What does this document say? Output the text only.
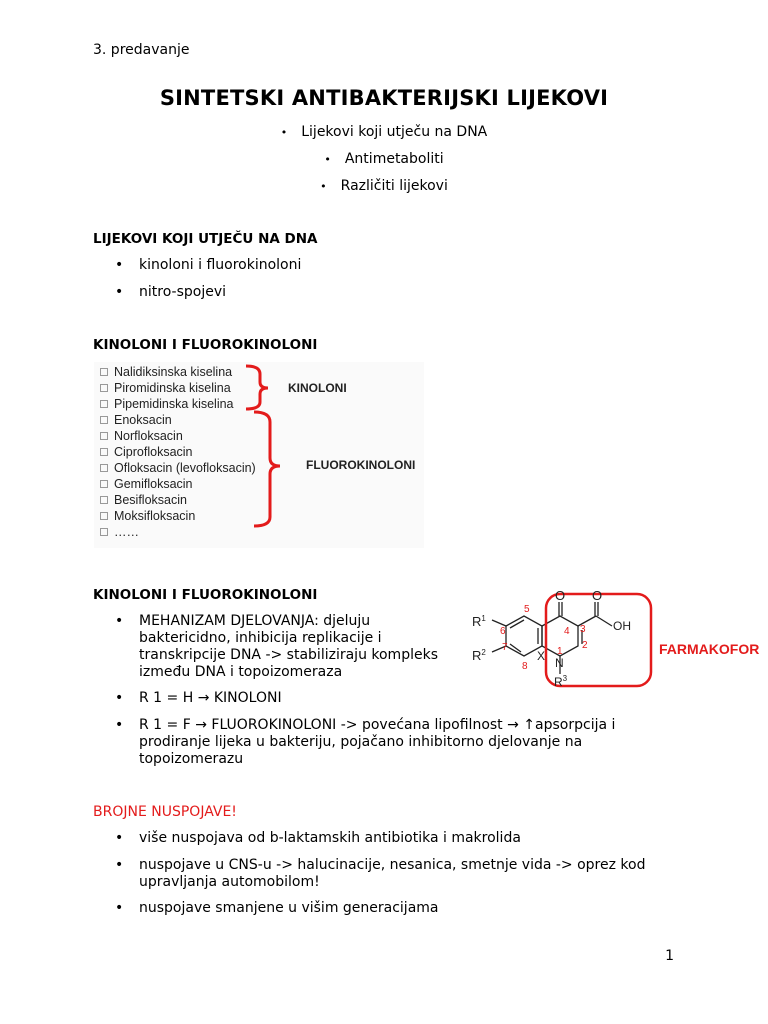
3. predavanje
SINTETSKI ANTIBAKTERIJSKI LIJEKOVI
• Lijekovi koji utječu na DNA
• Antimetaboliti
• Različiti lijekovi
LIJEKOVI KOJI UTJEČU NA DNA
• kinoloni i fluorokinoloni
• nitro-spojevi
KINOLONI I FLUOROKINOLONI
Nalidiksinska kiselina
Piromidinska kiselina
Pipemidinska kiselina
Enoksacin
Norfloksacin
Ciprofloksacin
Ofloksacin (levofloksacin)
Gemifloksacin
Besifloksacin
Moksifloksacin
……
KINOLONI
FLUOROKINOLONI
KINOLONI I FLUOROKINOLONI
• MEHANIZAM DJELOVANJA: djeluju baktericidno, inhibicija replikacije i transkripcije DNA -> stabiliziraju kompleks između DNA i topoizomeraza
• R 1 = H → KINOLONI
• R 1 = F → FLUOROKINOLONI -> povećana lipofilnost → ↑apsorpcija i prodiranje lijeka u bakteriju, pojačano inhibitorno djelovanje na topoizomerazu
$R^1$
$R^2$
O O
OH
X N
$R^3$
1
2
3
4
5
6
7
8
FARMAKOFOR
BROJNE NUSPOJAVE!
• više nuspojava od b-laktamskih antibiotika i makrolida
• nuspojave u CNS-u -> halucinacije, nesanica, smetnje vida -> oprez kod upravljanja automobilom!
• nuspojave smanjene u višim generacijama
1
